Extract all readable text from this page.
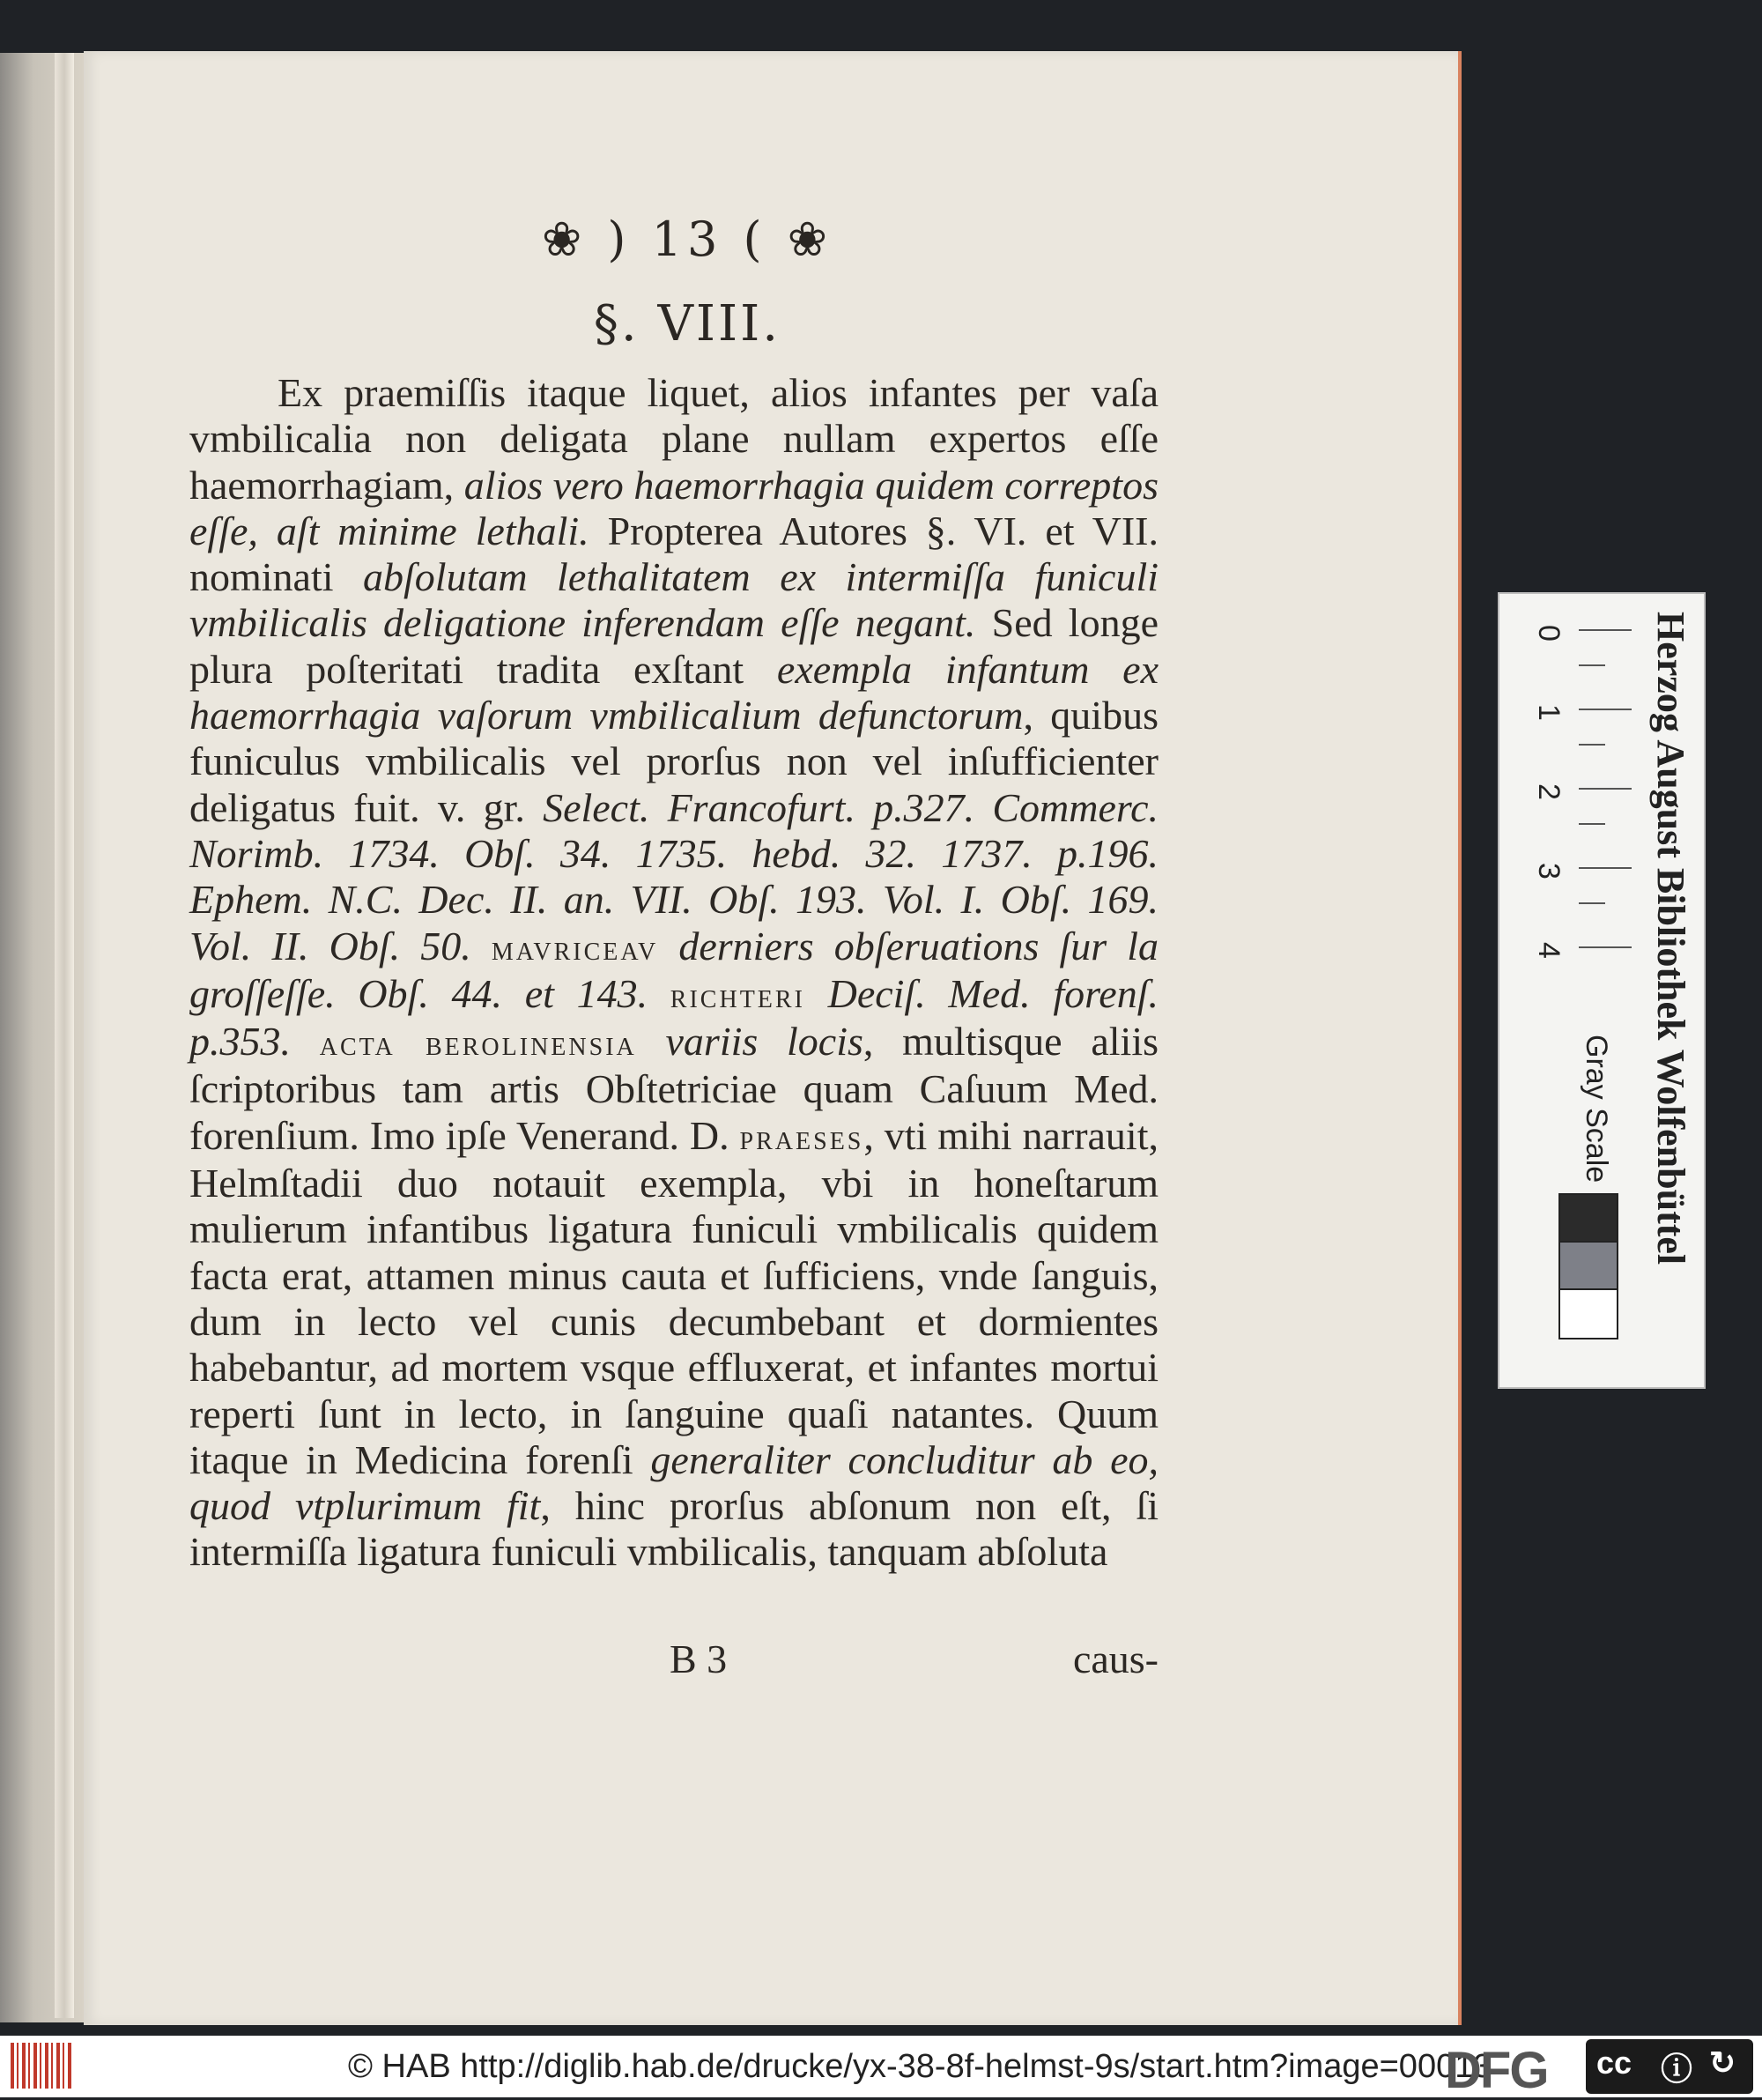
❀ ) 13 ( ❀
§. VIII.
Ex praemiſſis itaque liquet, alios infantes per vaſa vmbilicalia non deligata plane nullam expertos eſſe haemorrhagiam, alios vero haemorrhagia quidem correptos eſſe, aſt minime lethali. Propterea Autores §. VI. et VII. nominati abſolutam lethalitatem ex intermiſſa funiculi vmbilicalis deligatione inferendam eſſe negant. Sed longe plura poſteritati tradita exſtant exempla infantum ex haemorrhagia vaſorum vmbilicalium defunctorum, quibus funiculus vmbilicalis vel prorſus non vel inſufficienter deligatus fuit. v. gr. Select. Francofurt. p.327. Commerc. Norimb. 1734. Obſ. 34. 1735. hebd. 32. 1737. p.196. Ephem. N.C. Dec. II. an. VII. Obſ. 193. Vol. I. Obſ. 169. Vol. II. Obſ. 50. mavriceav derniers obſeruations ſur la groſſeſſe. Obſ. 44. et 143. richteri Deciſ. Med. forenſ. p.353. acta berolinensia variis locis, multisque aliis ſcriptoribus tam artis Obſtetriciae quam Caſuum Med. forenſium. Imo ipſe Venerand. D. praeses, vti mihi narrauit, Helmſtadii duo notauit exempla, vbi in honeſtarum mulierum infantibus ligatura funiculi vmbilicalis quidem facta erat, attamen minus cauta et ſufficiens, vnde ſanguis, dum in lecto vel cunis decumbebant et dormientes habebantur, ad mortem vsque effluxerat, et infantes mortui reperti ſunt in lecto, in ſanguine quaſi natantes. Quum itaque in Medicina forenſi generaliter concluditur ab eo, quod vtplurimum fit, hinc prorſus abſonum non eſt, ſi intermiſſa ligatura funiculi vmbilicalis, tanquam abſoluta
B 3	caus-
0
1
2
3
4	Herzog August Bibliothek Wolfenbüttel
Gray Scale
© HAB http://diglib.hab.de/drucke/yx-38-8f-helmst-9s/start.htm?image=00013
DFG cc ⓘ ↻
